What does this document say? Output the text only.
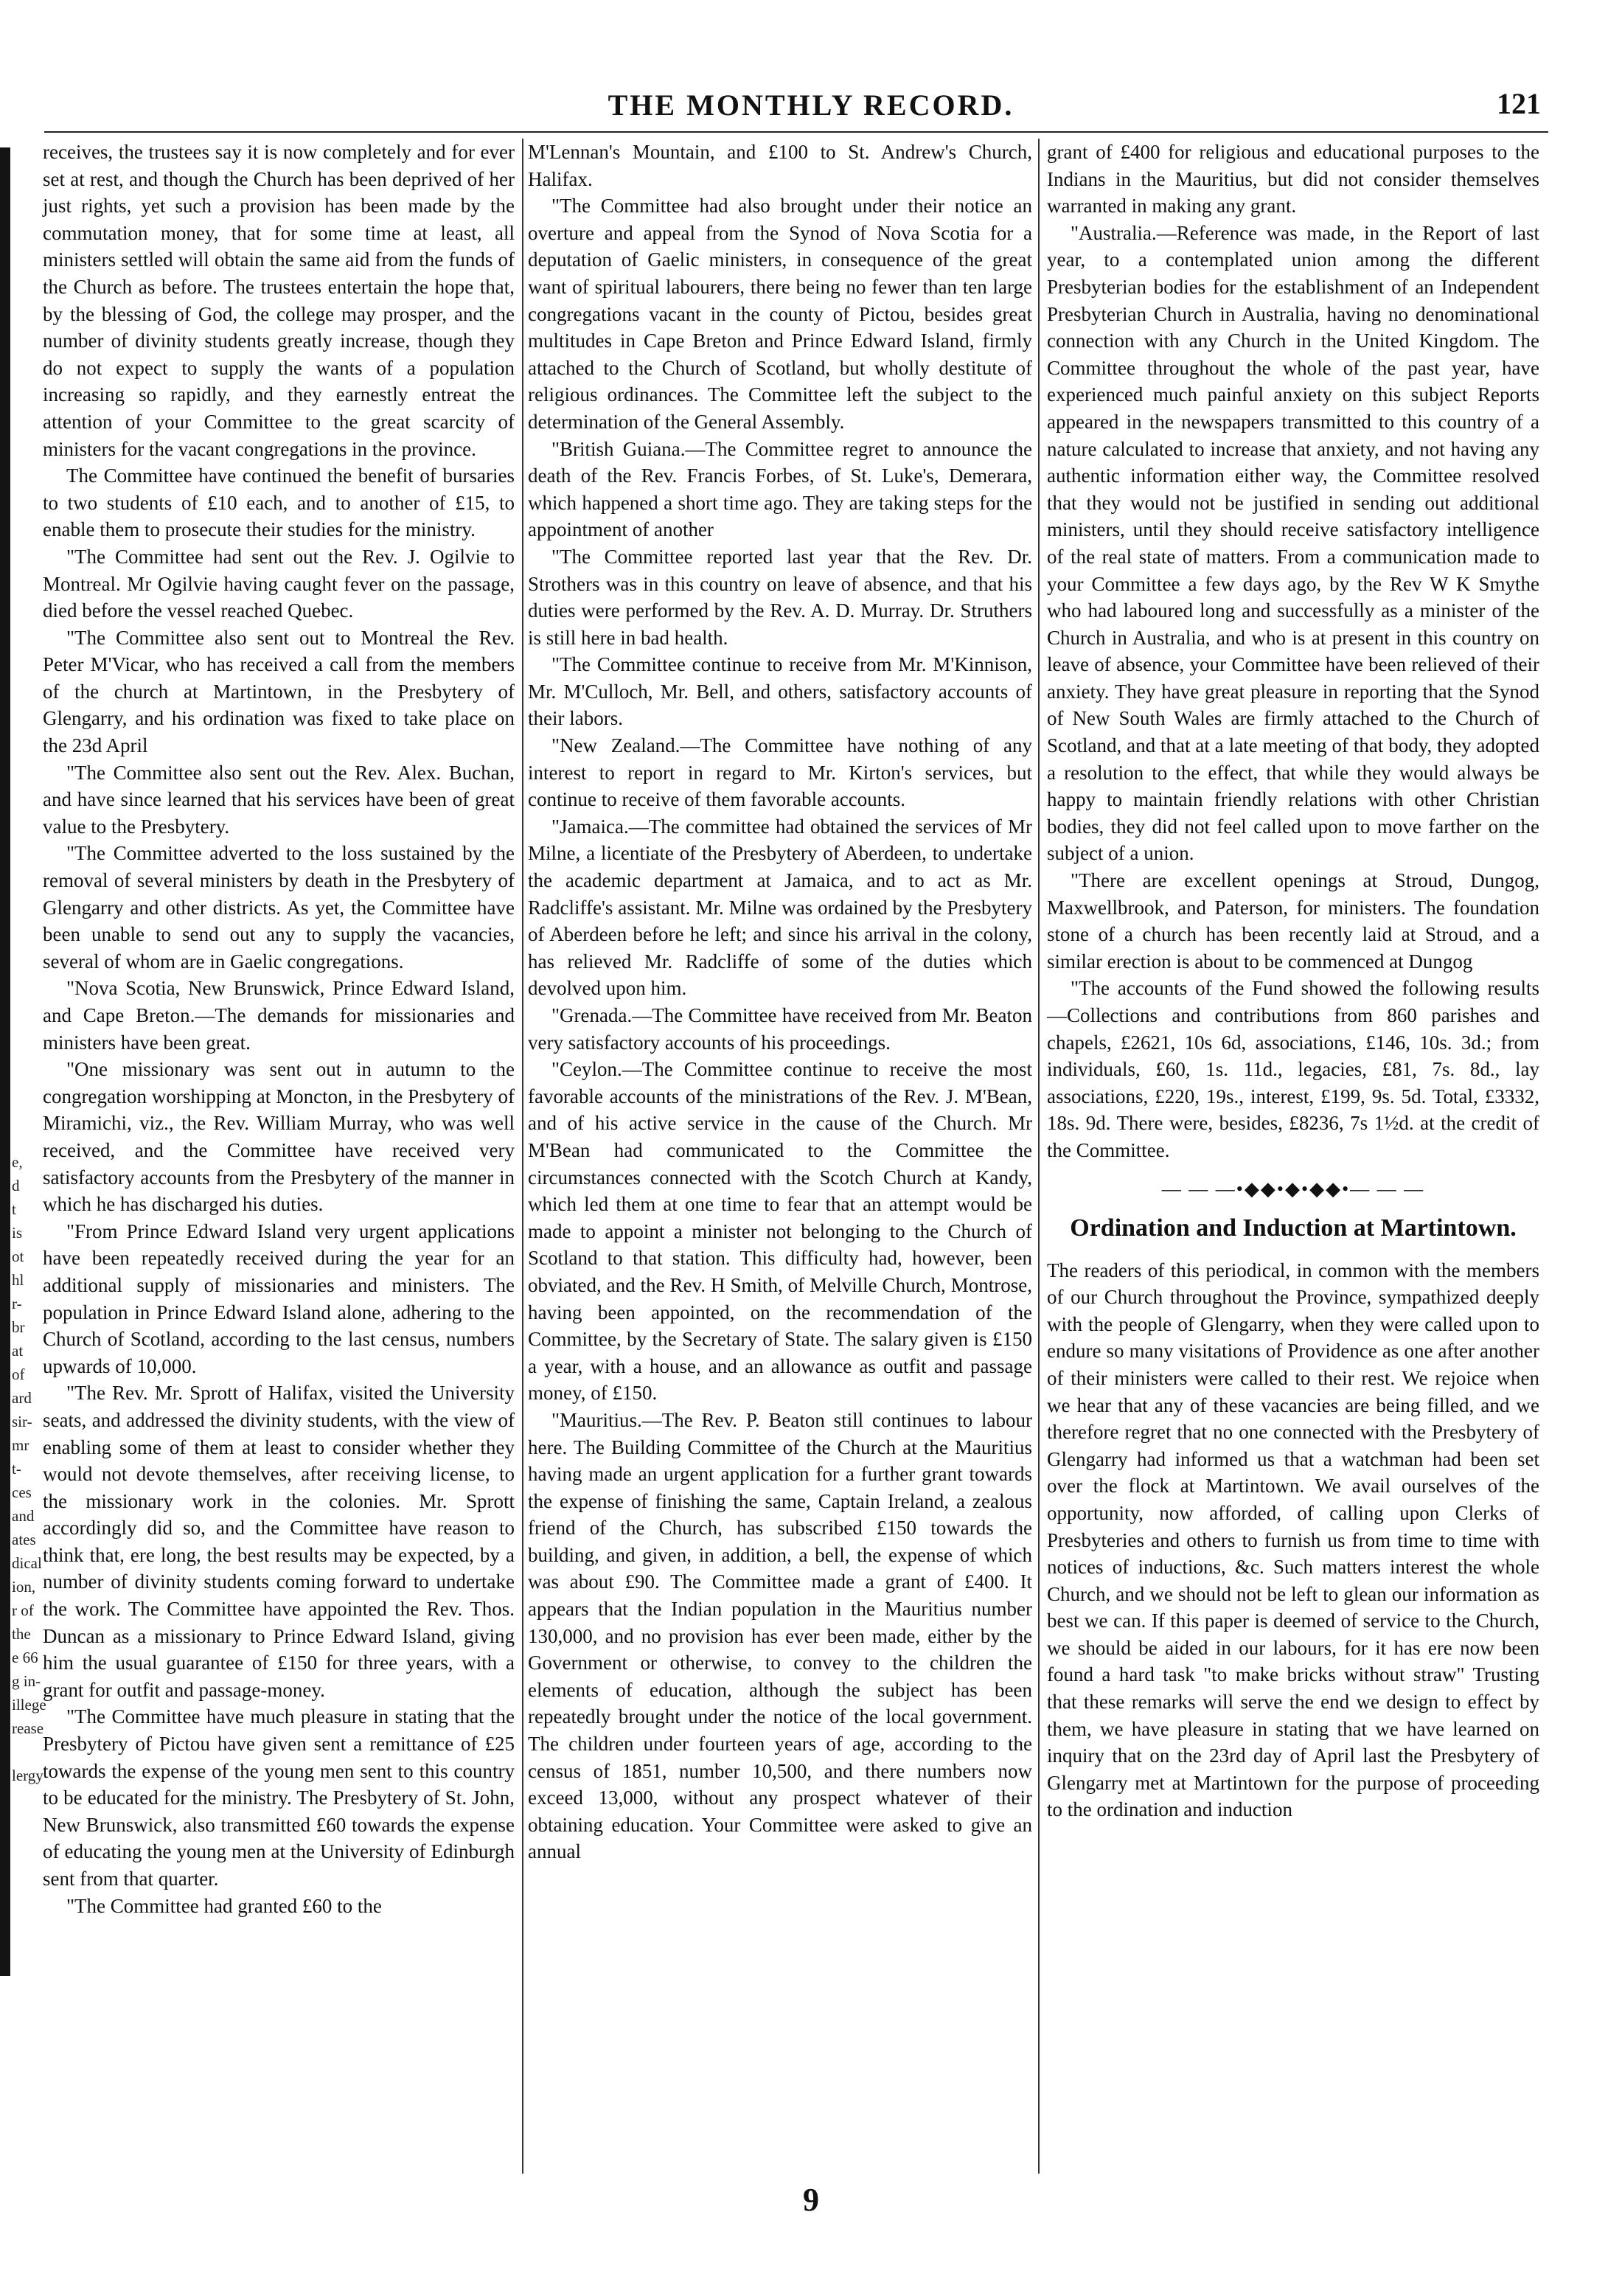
e,
d
t
is
ot
hl
r-
br
at
of
ard
sir-
mr
t-
ces
and
ates
dical
ion,
r of
the
e 66
g in-
illege
rease

lergy
THE MONTHLY RECORD.	121

receives, the trustees say it is now completely and for ever set at rest, and though the Church has been deprived of her just rights, yet such a provision has been made by the commutation money, that for some time at least, all ministers settled will obtain the same aid from the funds of the Church as before. The trustees entertain the hope that, by the blessing of God, the college may prosper, and the number of divinity students greatly increase, though they do not expect to supply the wants of a population increasing so rapidly, and they earnestly entreat the attention of your Committee to the great scarcity of ministers for the vacant congregations in the province.

The Committee have continued the benefit of bursaries to two students of £10 each, and to another of £15, to enable them to prosecute their studies for the ministry.

"The Committee had sent out the Rev. J. Ogilvie to Montreal. Mr Ogilvie having caught fever on the passage, died before the vessel reached Quebec.

"The Committee also sent out to Montreal the Rev. Peter M'Vicar, who has received a call from the members of the church at Martintown, in the Presbytery of Glengarry, and his ordination was fixed to take place on the 23d April

"The Committee also sent out the Rev. Alex. Buchan, and have since learned that his services have been of great value to the Presbytery.

"The Committee adverted to the loss sustained by the removal of several ministers by death in the Presbytery of Glengarry and other districts. As yet, the Committee have been unable to send out any to supply the vacancies, several of whom are in Gaelic congregations.

"Nova Scotia, New Brunswick, Prince Edward Island, and Cape Breton.—The demands for missionaries and ministers have been great.

"One missionary was sent out in autumn to the congregation worshipping at Moncton, in the Presbytery of Miramichi, viz., the Rev. William Murray, who was well received, and the Committee have received very satisfactory accounts from the Presbytery of the manner in which he has discharged his duties.

"From Prince Edward Island very urgent applications have been repeatedly received during the year for an additional supply of missionaries and ministers. The population in Prince Edward Island alone, adhering to the Church of Scotland, according to the last census, numbers upwards of 10,000.

"The Rev. Mr. Sprott of Halifax, visited the University seats, and addressed the divinity students, with the view of enabling some of them at least to consider whether they would not devote themselves, after receiving license, to the missionary work in the colonies. Mr. Sprott accordingly did so, and the Committee have reason to think that, ere long, the best results may be expected, by a number of divinity students coming forward to undertake the work. The Committee have appointed the Rev. Thos. Duncan as a missionary to Prince Edward Island, giving him the usual guarantee of £150 for three years, with a grant for outfit and passage-money.

"The Committee have much pleasure in stating that the Presbytery of Pictou have given sent a remittance of £25 towards the expense of the young men sent to this country to be educated for the ministry. The Presbytery of St. John, New Brunswick, also transmitted £60 towards the expense of educating the young men at the University of Edinburgh sent from that quarter.

"The Committee had granted £60 to the

M'Lennan's Mountain, and £100 to St. Andrew's Church, Halifax.

"The Committee had also brought under their notice an overture and appeal from the Synod of Nova Scotia for a deputation of Gaelic ministers, in consequence of the great want of spiritual labourers, there being no fewer than ten large congregations vacant in the county of Pictou, besides great multitudes in Cape Breton and Prince Edward Island, firmly attached to the Church of Scotland, but wholly destitute of religious ordinances. The Committee left the subject to the determination of the General Assembly.

"British Guiana.—The Committee regret to announce the death of the Rev. Francis Forbes, of St. Luke's, Demerara, which happened a short time ago. They are taking steps for the appointment of another

"The Committee reported last year that the Rev. Dr. Strothers was in this country on leave of absence, and that his duties were performed by the Rev. A. D. Murray. Dr. Struthers is still here in bad health.

"The Committee continue to receive from Mr. M'Kinnison, Mr. M'Culloch, Mr. Bell, and others, satisfactory accounts of their labors.

"New Zealand.—The Committee have nothing of any interest to report in regard to Mr. Kirton's services, but continue to receive of them favorable accounts.

"Jamaica.—The committee had obtained the services of Mr Milne, a licentiate of the Presbytery of Aberdeen, to undertake the academic department at Jamaica, and to act as Mr. Radcliffe's assistant. Mr. Milne was ordained by the Presbytery of Aberdeen before he left; and since his arrival in the colony, has relieved Mr. Radcliffe of some of the duties which devolved upon him.

"Grenada.—The Committee have received from Mr. Beaton very satisfactory accounts of his proceedings.

"Ceylon.—The Committee continue to receive the most favorable accounts of the ministrations of the Rev. J. M'Bean, and of his active service in the cause of the Church. Mr M'Bean had communicated to the Committee the circumstances connected with the Scotch Church at Kandy, which led them at one time to fear that an attempt would be made to appoint a minister not belonging to the Church of Scotland to that station. This difficulty had, however, been obviated, and the Rev. H Smith, of Melville Church, Montrose, having been appointed, on the recommendation of the Committee, by the Secretary of State. The salary given is £150 a year, with a house, and an allowance as outfit and passage money, of £150.

"Mauritius.—The Rev. P. Beaton still continues to labour here. The Building Committee of the Church at the Mauritius having made an urgent application for a further grant towards the expense of finishing the same, Captain Ireland, a zealous friend of the Church, has subscribed £150 towards the building, and given, in addition, a bell, the expense of which was about £90. The Committee made a grant of £400. It appears that the Indian population in the Mauritius number 130,000, and no provision has ever been made, either by the Government or otherwise, to convey to the children the elements of education, although the subject has been repeatedly brought under the notice of the local government. The children under fourteen years of age, according to the census of 1851, number 10,500, and there numbers now exceed 13,000, without any prospect whatever of their obtaining education. Your Committee were asked to give an annual

grant of £400 for religious and educational purposes to the Indians in the Mauritius, but did not consider themselves warranted in making any grant.

"Australia.—Reference was made, in the Report of last year, to a contemplated union among the different Presbyterian bodies for the establishment of an Independent Presbyterian Church in Australia, having no denominational connection with any Church in the United Kingdom. The Committee throughout the whole of the past year, have experienced much painful anxiety on this subject Reports appeared in the newspapers transmitted to this country of a nature calculated to increase that anxiety, and not having any authentic information either way, the Committee resolved that they would not be justified in sending out additional ministers, until they should receive satisfactory intelligence of the real state of matters. From a communication made to your Committee a few days ago, by the Rev W K Smythe who had laboured long and successfully as a minister of the Church in Australia, and who is at present in this country on leave of absence, your Committee have been relieved of their anxiety. They have great pleasure in reporting that the Synod of New South Wales are firmly attached to the Church of Scotland, and that at a late meeting of that body, they adopted a resolution to the effect, that while they would always be happy to maintain friendly relations with other Christian bodies, they did not feel called upon to move farther on the subject of a union.

"There are excellent openings at Stroud, Dungog, Maxwellbrook, and Paterson, for ministers. The foundation stone of a church has been recently laid at Stroud, and a similar erection is about to be commenced at Dungog

"The accounts of the Fund showed the following results —Collections and contributions from 860 parishes and chapels, £2621, 10s 6d, associations, £146, 10s. 3d.; from individuals, £60, 1s. 11d., legacies, £81, 7s. 8d., lay associations, £220, 19s., interest, £199, 9s. 5d. Total, £3332, 18s. 9d. There were, besides, £8236, 7s 1½d. at the credit of the Committee.

— — —•◆◆•◆•◆◆•— — —
Ordination and Induction at Martintown.

The readers of this periodical, in common with the members of our Church throughout the Province, sympathized deeply with the people of Glengarry, when they were called upon to endure so many visitations of Providence as one after another of their ministers were called to their rest. We rejoice when we hear that any of these vacancies are being filled, and we therefore regret that no one connected with the Presbytery of Glengarry had informed us that a watchman had been set over the flock at Martintown. We avail ourselves of the opportunity, now afforded, of calling upon Clerks of Presbyteries and others to furnish us from time to time with notices of inductions, &c. Such matters interest the whole Church, and we should not be left to glean our information as best we can. If this paper is deemed of service to the Church, we should be aided in our labours, for it has ere now been found a hard task "to make bricks without straw" Trusting that these remarks will serve the end we design to effect by them, we have pleasure in stating that we have learned on inquiry that on the 23rd day of April last the Presbytery of Glengarry met at Martintown for the purpose of proceeding to the ordination and induction

9
